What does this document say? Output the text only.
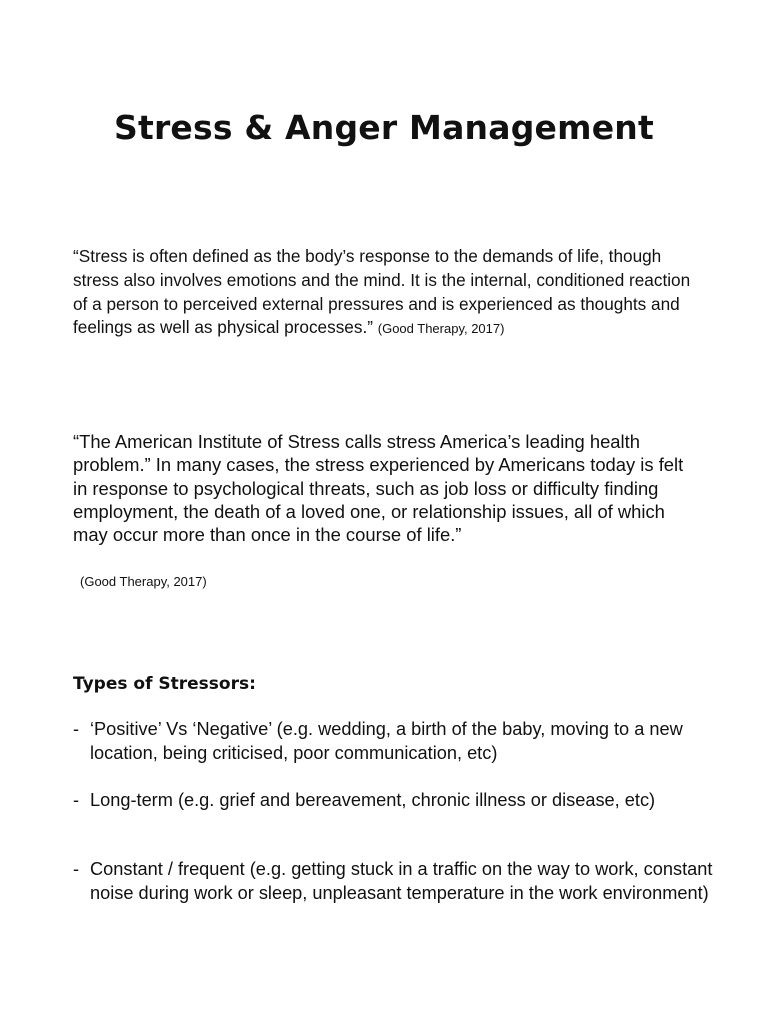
Stress & Anger Management

“Stress is often defined as the body’s response to the demands of life, though stress also involves emotions and the mind. It is the internal, conditioned reaction of a person to perceived external pressures and is experienced as thoughts and feelings as well as physical processes.” (Good Therapy, 2017)

“The American Institute of Stress calls stress America’s leading health problem.” In many cases, the stress experienced by Americans today is felt in response to psychological threats, such as job loss or difficulty finding employment, the death of a loved one, or relationship issues, all of which may occur more than once in the course of life.”

(Good Therapy, 2017)

Types of Stressors:
- ‘Positive’ Vs ‘Negative’ (e.g. wedding, a birth of the baby, moving to a new location, being criticised, poor communication, etc)
- Long-term (e.g. grief and bereavement, chronic illness or disease, etc)
- Constant / frequent (e.g. getting stuck in a traffic on the way to work, constant noise during work or sleep, unpleasant temperature in the work environment)
